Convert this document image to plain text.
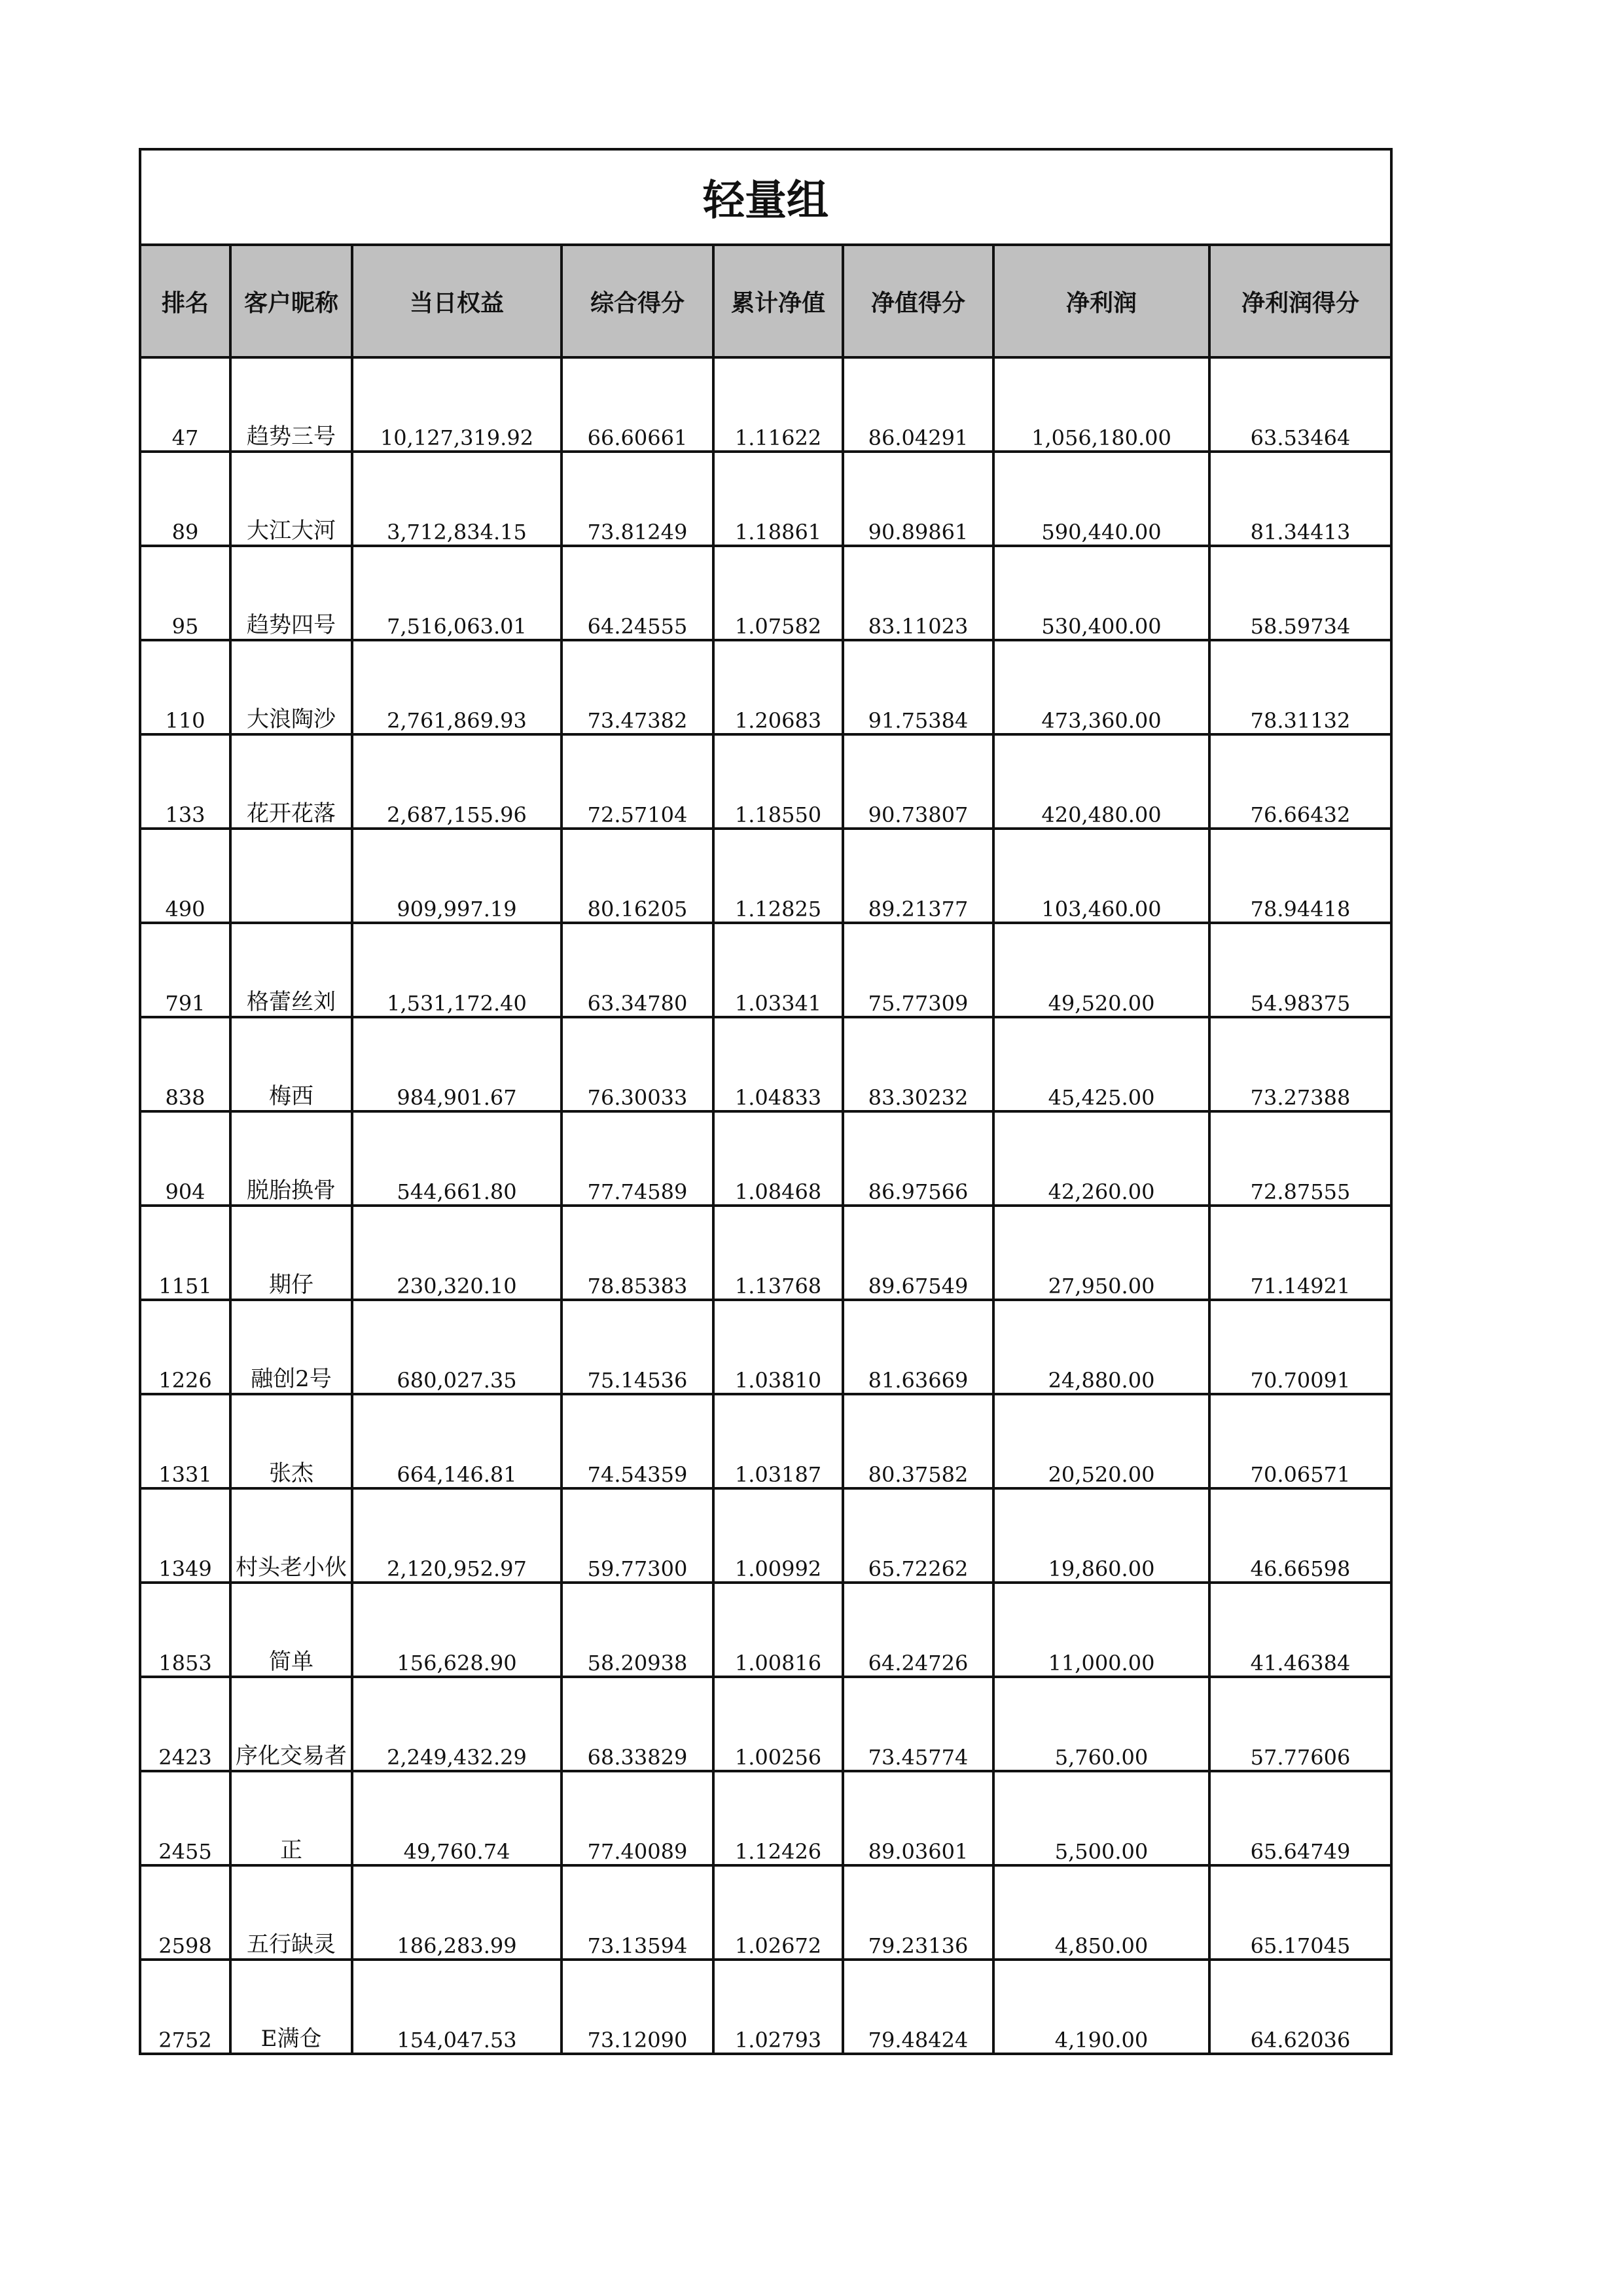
轻量组							
排名	客户昵称	当日权益	综合得分	累计净值	净值得分	净利润	净利润得分
47	趋势三号	10,127,319.92	66.60661	1.11622	86.04291	1,056,180.00	63.53464
89	大江大河	3,712,834.15	73.81249	1.18861	90.89861	590,440.00	81.34413
95	趋势四号	7,516,063.01	64.24555	1.07582	83.11023	530,400.00	58.59734
110	大浪陶沙	2,761,869.93	73.47382	1.20683	91.75384	473,360.00	78.31132
133	花开花落	2,687,155.96	72.57104	1.18550	90.73807	420,480.00	76.66432
490		909,997.19	80.16205	1.12825	89.21377	103,460.00	78.94418
791	格蕾丝刘	1,531,172.40	63.34780	1.03341	75.77309	49,520.00	54.98375
838	梅西	984,901.67	76.30033	1.04833	83.30232	45,425.00	73.27388
904	脱胎换骨	544,661.80	77.74589	1.08468	86.97566	42,260.00	72.87555
1151	期仔	230,320.10	78.85383	1.13768	89.67549	27,950.00	71.14921
1226	融创2号	680,027.35	75.14536	1.03810	81.63669	24,880.00	70.70091
1331	张杰	664,146.81	74.54359	1.03187	80.37582	20,520.00	70.06571
1349	村头老小伙	2,120,952.97	59.77300	1.00992	65.72262	19,860.00	46.66598
1853	简单	156,628.90	58.20938	1.00816	64.24726	11,000.00	41.46384
2423	序化交易者	2,249,432.29	68.33829	1.00256	73.45774	5,760.00	57.77606
2455	正	49,760.74	77.40089	1.12426	89.03601	5,500.00	65.64749
2598	五行缺灵	186,283.99	73.13594	1.02672	79.23136	4,850.00	65.17045
2752	E满仓	154,047.53	73.12090	1.02793	79.48424	4,190.00	64.62036
